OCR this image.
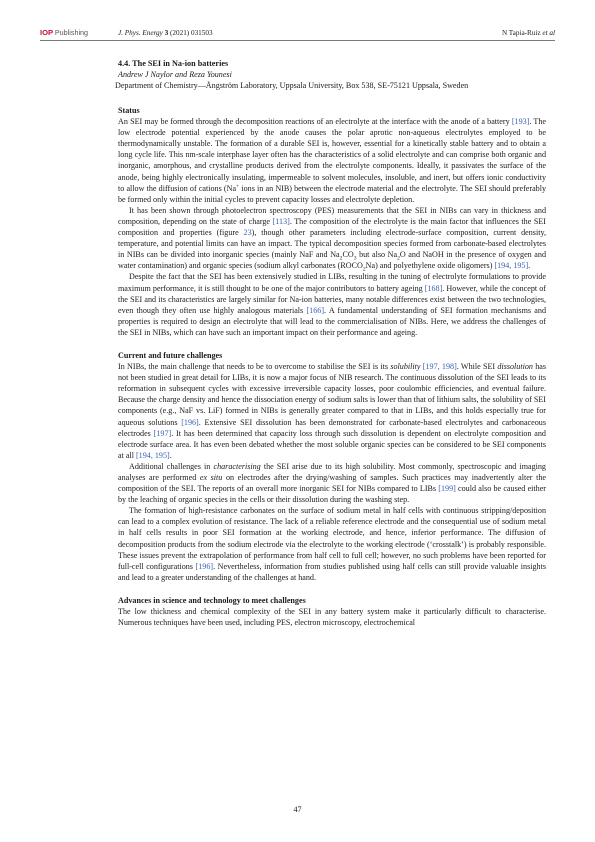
IOP Publishing	J. Phys. Energy 3 (2021) 031503	N Tapia-Ruiz et al
4.4. The SEI in Na-ion batteries
Andrew J Naylor and Reza Younesi
Department of Chemistry—Ångström Laboratory, Uppsala University, Box 538, SE-75121 Uppsala, Sweden
Status

An SEI may be formed through the decomposition reactions of an electrolyte at the interface with the anode of a battery [193]. The low electrode potential experienced by the anode causes the polar aprotic non-aqueous electrolytes employed to be thermodynamically unstable. The formation of a durable SEI is, however, essential for a kinetically stable battery and to obtain a long cycle life. This nm-scale interphase layer often has the characteristics of a solid electrolyte and can comprise both organic and inorganic, amorphous, and crystalline products derived from the electrolyte components. Ideally, it passivates the surface of the anode, being highly electronically insulating, impermeable to solvent molecules, insoluble, and inert, but offers ionic conductivity to allow the diffusion of cations (Na+ ions in an NIB) between the electrode material and the electrolyte. The SEI should preferably be formed only within the initial cycles to prevent capacity losses and electrolyte depletion.

It has been shown through photoelectron spectroscopy (PES) measurements that the SEI in NIBs can vary in thickness and composition, depending on the state of charge [113]. The composition of the electrolyte is the main factor that influences the SEI composition and properties (figure 23), though other parameters including electrode-surface composition, current density, temperature, and potential limits can have an impact. The typical decomposition species formed from carbonate-based electrolytes in NIBs can be divided into inorganic species (mainly NaF and $Na_2CO_3$ but also $Na_2O$ and NaOH in the presence of oxygen and water contamination) and organic species (sodium alkyl carbonates $(ROCO_2Na)$ and polyethylene oxide oligomers) [194, 195].

Despite the fact that the SEI has been extensively studied in LIBs, resulting in the tuning of electrolyte formulations to provide maximum performance, it is still thought to be one of the major contributors to battery ageing [168]. However, while the concept of the SEI and its characteristics are largely similar for Na-ion batteries, many notable differences exist between the two technologies, even though they often use highly analogous materials [166]. A fundamental understanding of SEI formation mechanisms and properties is required to design an electrolyte that will lead to the commercialisation of NIBs. Here, we address the challenges of the SEI in NIBs, which can have such an important impact on their performance and ageing.

Current and future challenges

In NIBs, the main challenge that needs to be to overcome to stabilise the SEI is its solubility [197, 198]. While SEI dissolution has not been studied in great detail for LIBs, it is now a major focus of NIB research. The continuous dissolution of the SEI leads to its reformation in subsequent cycles with excessive irreversible capacity losses, poor coulombic efficiencies, and eventual failure. Because the charge density and hence the dissociation energy of sodium salts is lower than that of lithium salts, the solubility of SEI components (e.g., NaF vs. LiF) formed in NIBs is generally greater compared to that in LIBs, and this holds especially true for aqueous solutions [196]. Extensive SEI dissolution has been demonstrated for carbonate-based electrolytes and carbonaceous electrodes [197]. It has been determined that capacity loss through such dissolution is dependent on electrolyte composition and electrode surface area. It has even been debated whether the most soluble organic species can be considered to be SEI components at all [194, 195].

Additional challenges in characterising the SEI arise due to its high solubility. Most commonly, spectroscopic and imaging analyses are performed ex situ on electrodes after the drying/washing of samples. Such practices may inadvertently alter the composition of the SEI. The reports of an overall more inorganic SEI for NIBs compared to LIBs [199] could also be caused either by the leaching of organic species in the cells or their dissolution during the washing step.

The formation of high-resistance carbonates on the surface of sodium metal in half cells with continuous stripping/deposition can lead to a complex evolution of resistance. The lack of a reliable reference electrode and the consequential use of sodium metal in half cells results in poor SEI formation at the working electrode, and hence, inferior performance. The diffusion of decomposition products from the sodium electrode via the electrolyte to the working electrode (‘crosstalk’) is probably responsible. These issues prevent the extrapolation of performance from half cell to full cell; however, no such problems have been reported for full-cell configurations [196]. Nevertheless, information from studies published using half cells can still provide valuable insights and lead to a greater understanding of the challenges at hand.

Advances in science and technology to meet challenges

The low thickness and chemical complexity of the SEI in any battery system make it particularly difficult to characterise. Numerous techniques have been used, including PES, electron microscopy, electrochemical

47
